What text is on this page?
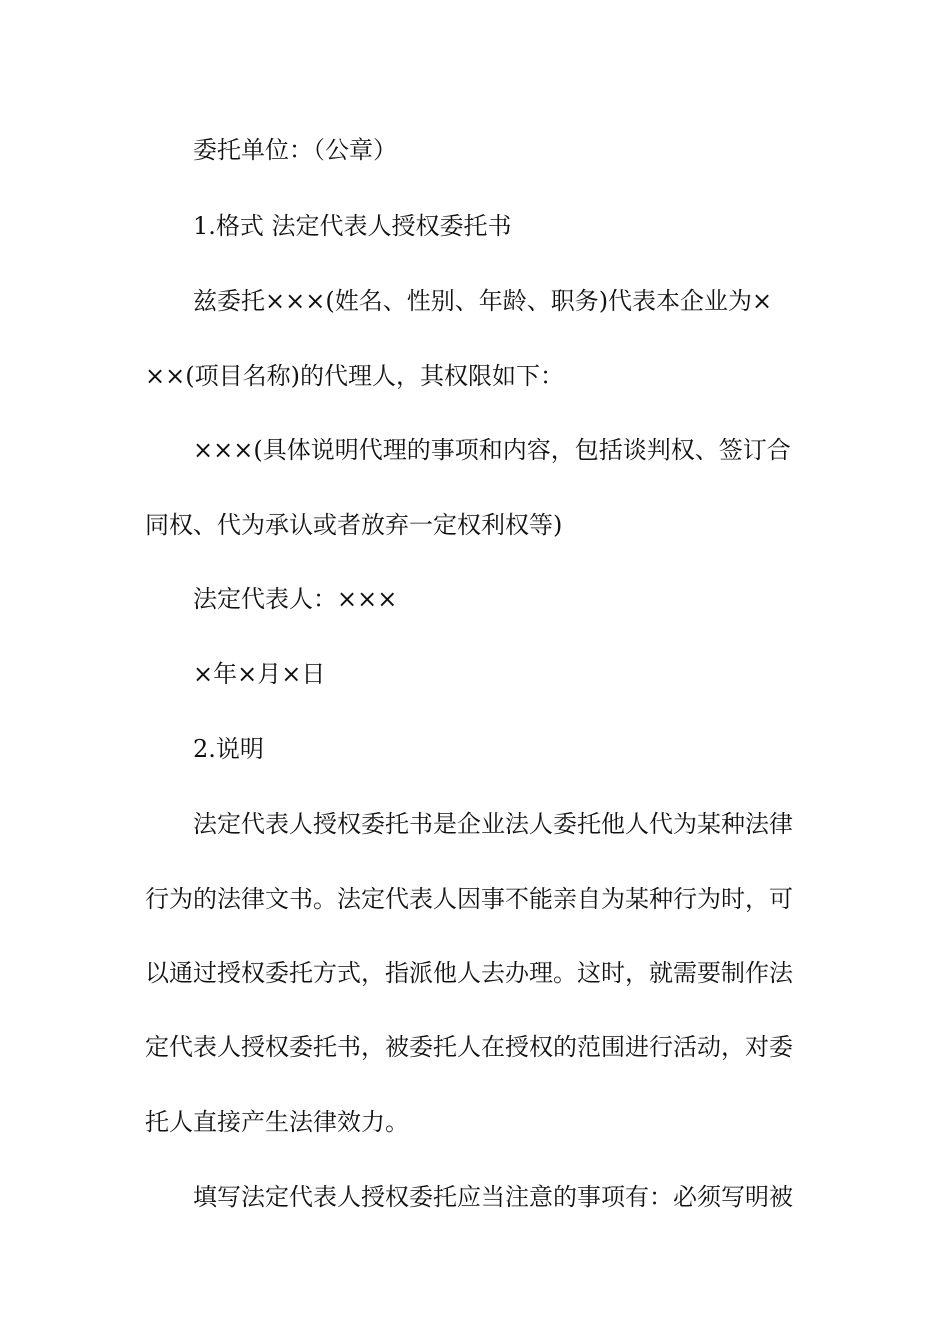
委托单位：（公章）
1.格式 法定代表人授权委托书
兹委托×××(姓名、性别、年龄、职务)代表本企业为×
××(项目名称)的代理人，其权限如下：
×××(具体说明代理的事项和内容，包括谈判权、签订合
同权、代为承认或者放弃一定权利权等)
法定代表人：×××
×年×月×日
2.说明
法定代表人授权委托书是企业法人委托他人代为某种法律
行为的法律文书。法定代表人因事不能亲自为某种行为时，可
以通过授权委托方式，指派他人去办理。这时，就需要制作法
定代表人授权委托书，被委托人在授权的范围进行活动，对委
托人直接产生法律效力。
填写法定代表人授权委托应当注意的事项有：必须写明被
